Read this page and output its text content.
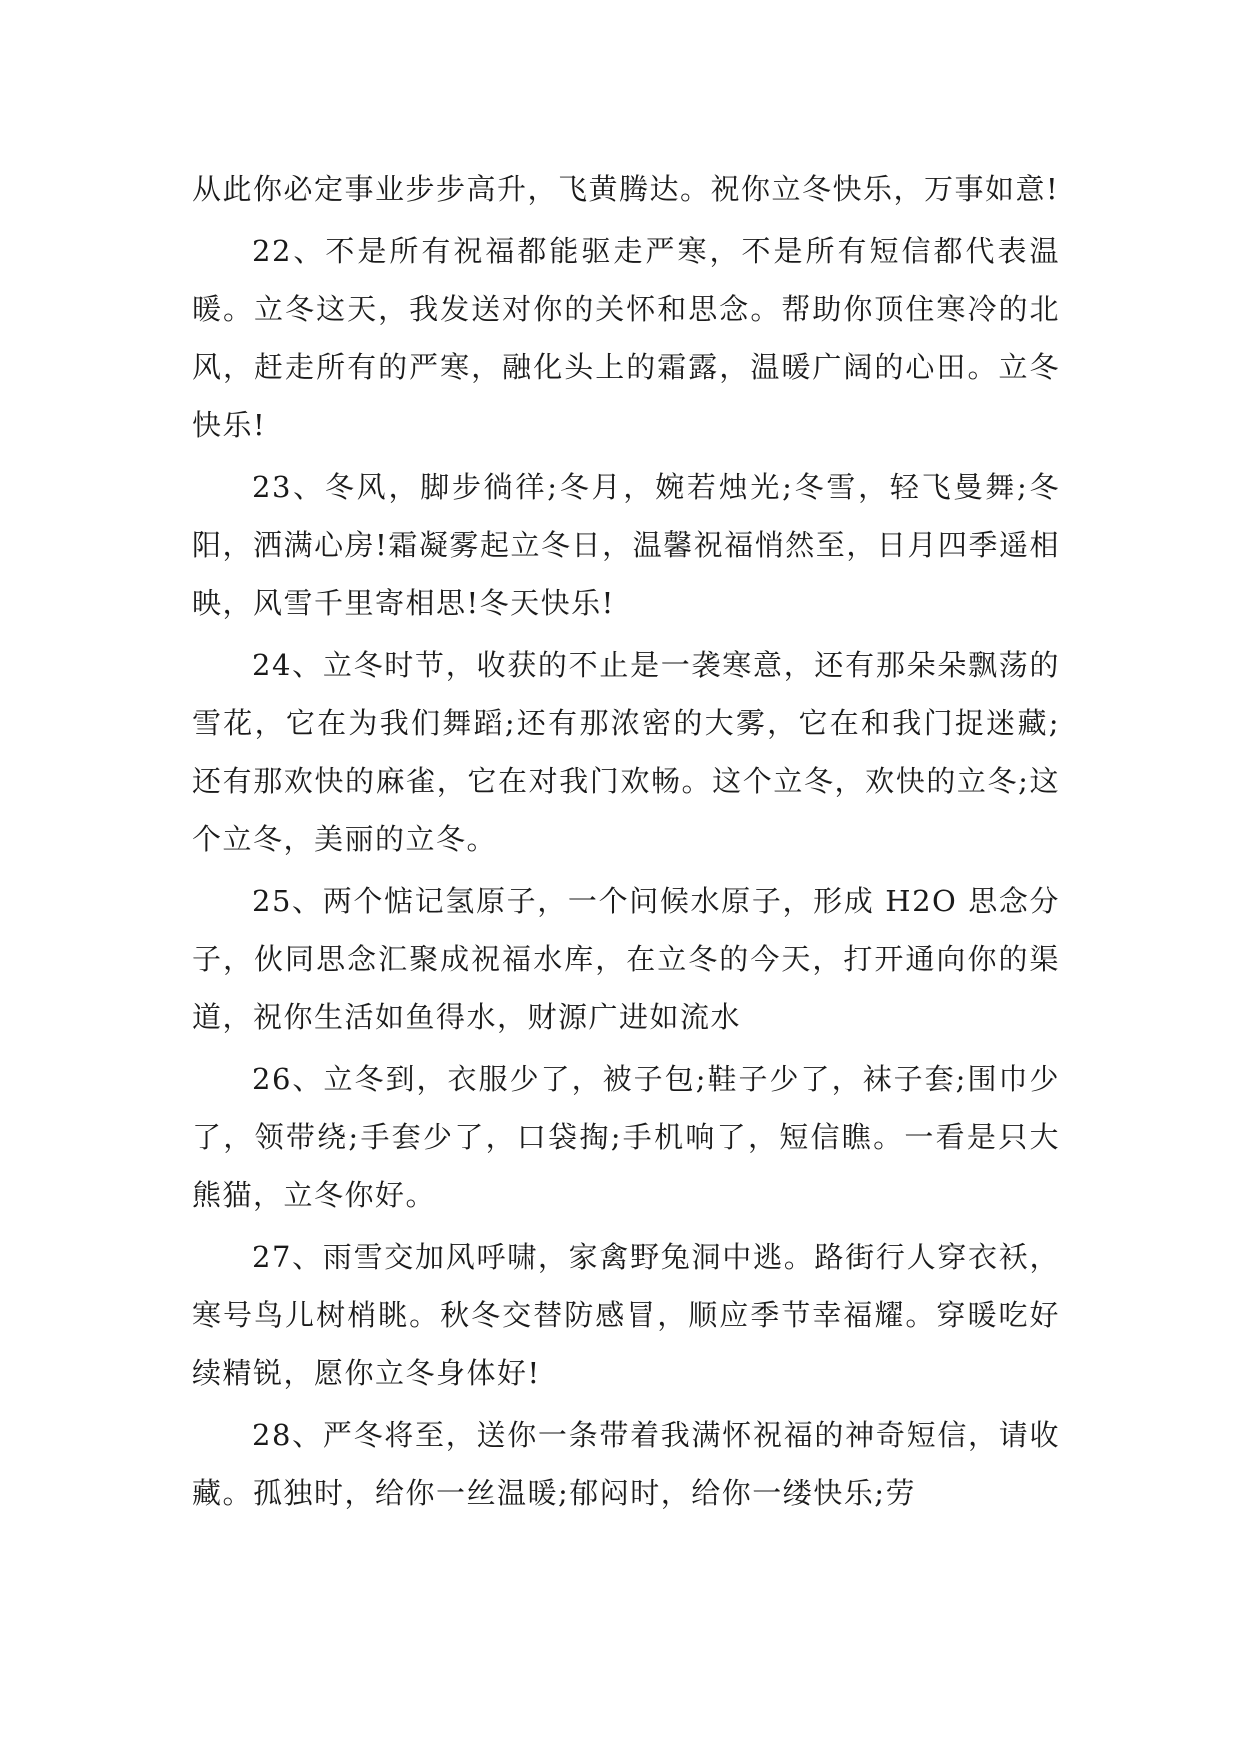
从此你必定事业步步高升，飞黄腾达。祝你立冬快乐，万事如意!

22、不是所有祝福都能驱走严寒，不是所有短信都代表温暖。立冬这天，我发送对你的关怀和思念。帮助你顶住寒冷的北风，赶走所有的严寒，融化头上的霜露，温暖广阔的心田。立冬快乐!

23、冬风，脚步徜徉;冬月，婉若烛光;冬雪，轻飞曼舞;冬阳，洒满心房!霜凝雾起立冬日，温馨祝福悄然至，日月四季遥相映，风雪千里寄相思!冬天快乐!

24、立冬时节，收获的不止是一袭寒意，还有那朵朵飘荡的雪花，它在为我们舞蹈;还有那浓密的大雾，它在和我门捉迷藏;还有那欢快的麻雀，它在对我门欢畅。这个立冬，欢快的立冬;这个立冬，美丽的立冬。

25、两个惦记氢原子，一个问候水原子，形成 H2O 思念分子，伙同思念汇聚成祝福水库，在立冬的今天，打开通向你的渠道，祝你生活如鱼得水，财源广进如流水

26、立冬到，衣服少了，被子包;鞋子少了，袜子套;围巾少了，领带绕;手套少了，口袋掏;手机响了，短信瞧。一看是只大熊猫，立冬你好。

27、雨雪交加风呼啸，家禽野兔洞中逃。路街行人穿衣袄，寒号鸟儿树梢眺。秋冬交替防感冒，顺应季节幸福耀。穿暖吃好续精锐，愿你立冬身体好!

28、严冬将至，送你一条带着我满怀祝福的神奇短信，请收藏。孤独时，给你一丝温暖;郁闷时，给你一缕快乐;劳
